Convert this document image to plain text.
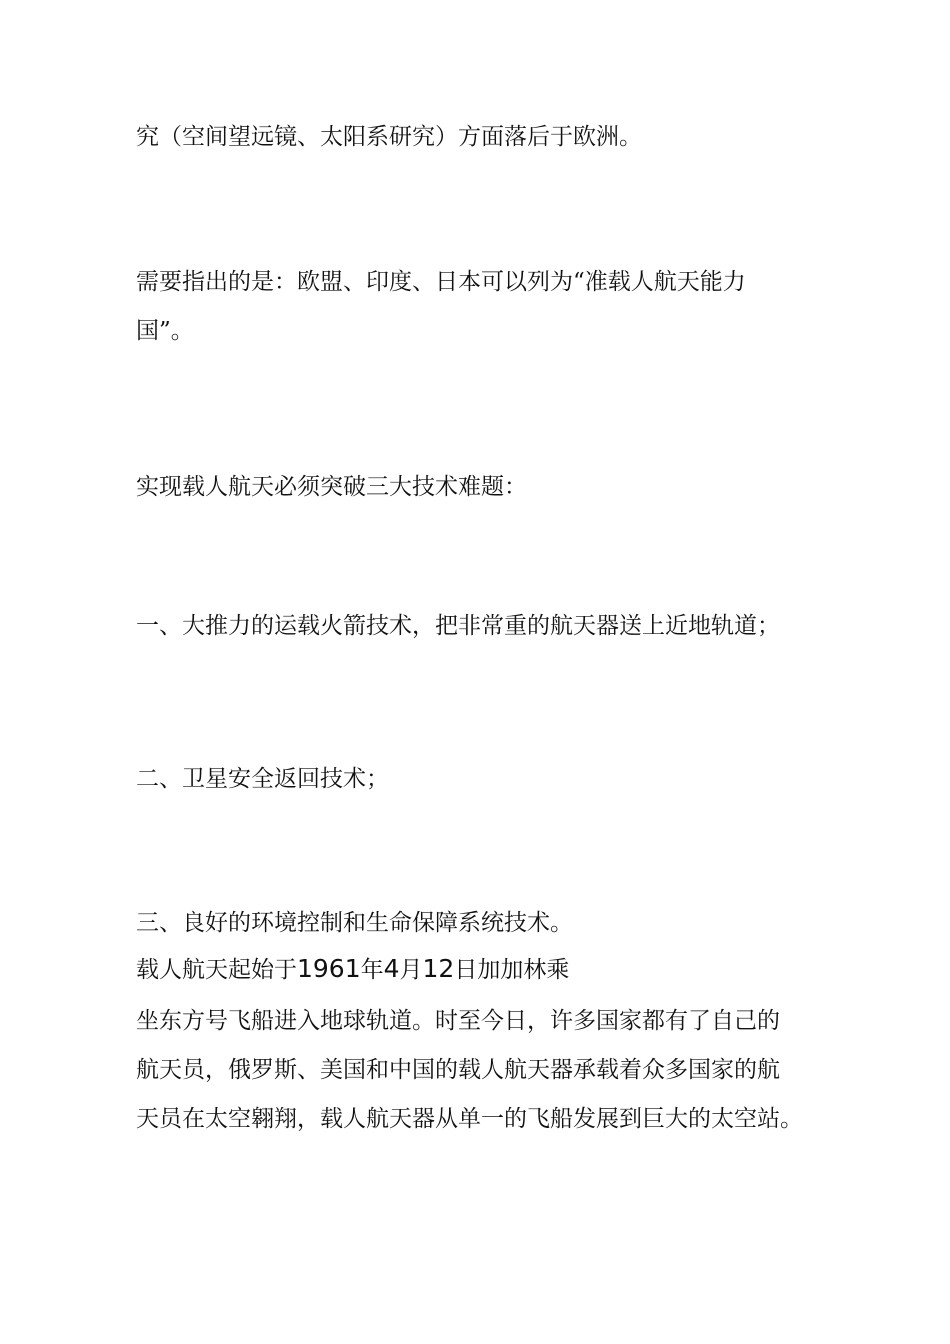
究（空间望远镜、太阳系研究）方面落后于欧洲。

需要指出的是：欧盟、印度、日本可以列为“准载人航天能力

国”。

实现载人航天必须突破三大技术难题：

一、大推力的运载火箭技术，把非常重的航天器送上近地轨道；

二、卫星安全返回技术；

三、良好的环境控制和生命保障系统技术。

载人航天起始于1961年4月12日加加林乘

坐东方号飞船进入地球轨道。时至今日，许多国家都有了自己的

航天员，俄罗斯、美国和中国的载人航天器承载着众多国家的航

天员在太空翱翔，载人航天器从单一的飞船发展到巨大的太空站。
